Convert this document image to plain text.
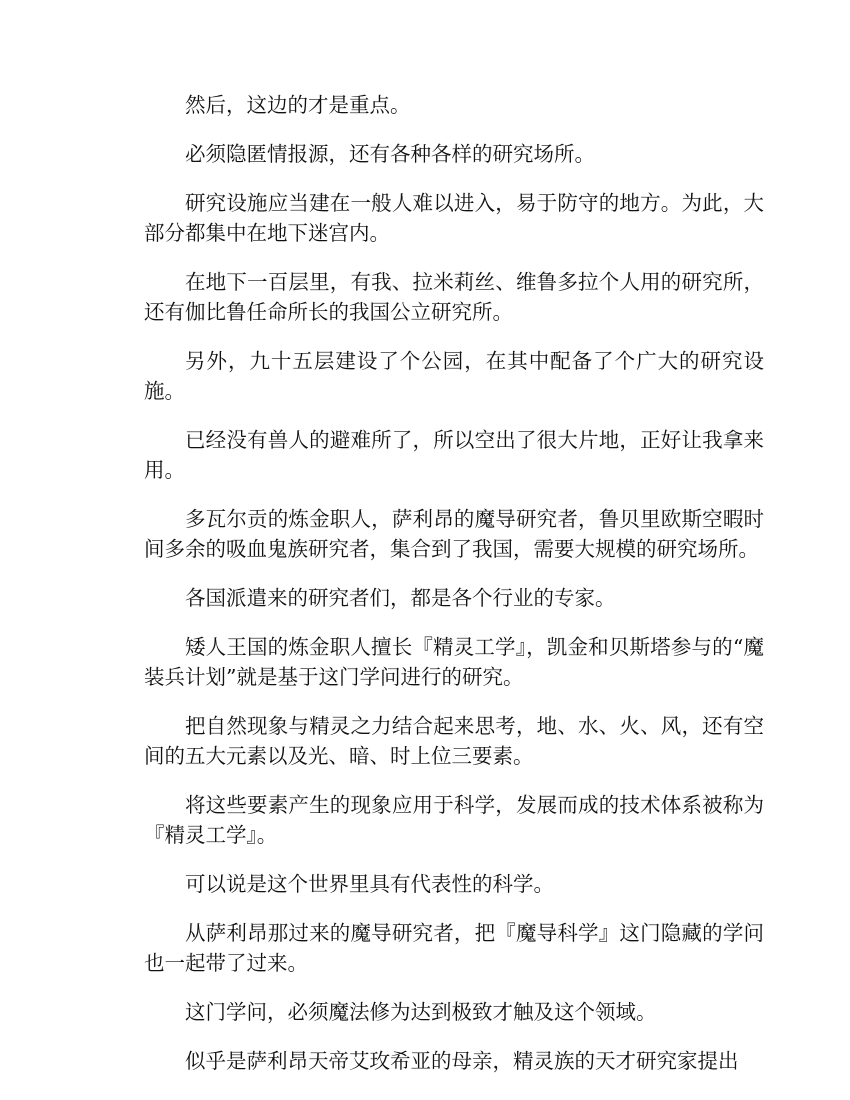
然后，这边的才是重点。

必须隐匿情报源，还有各种各样的研究场所。

研究设施应当建在一般人难以进入，易于防守的地方。为此，大部分都集中在地下迷宫内。

在地下一百层里，有我、拉米莉丝、维鲁多拉个人用的研究所，还有伽比鲁任命所长的我国公立研究所。

另外，九十五层建设了个公园，在其中配备了个广大的研究设施。

已经没有兽人的避难所了，所以空出了很大片地，正好让我拿来用。

多瓦尔贡的炼金职人，萨利昂的魔导研究者，鲁贝里欧斯空暇时间多余的吸血鬼族研究者，集合到了我国，需要大规模的研究场所。

各国派遣来的研究者们，都是各个行业的专家。

矮人王国的炼金职人擅长『精灵工学』，凯金和贝斯塔参与的“魔装兵计划”就是基于这门学问进行的研究。

把自然现象与精灵之力结合起来思考，地、水、火、风，还有空间的五大元素以及光、暗、时上位三要素。

将这些要素产生的现象应用于科学，发展而成的技术体系被称为『精灵工学』。

可以说是这个世界里具有代表性的科学。

从萨利昂那过来的魔导研究者，把『魔导科学』这门隐藏的学问也一起带了过来。

这门学问，必须魔法修为达到极致才触及这个领域。

似乎是萨利昂天帝艾玫希亚的母亲，精灵族的天才研究家提出
